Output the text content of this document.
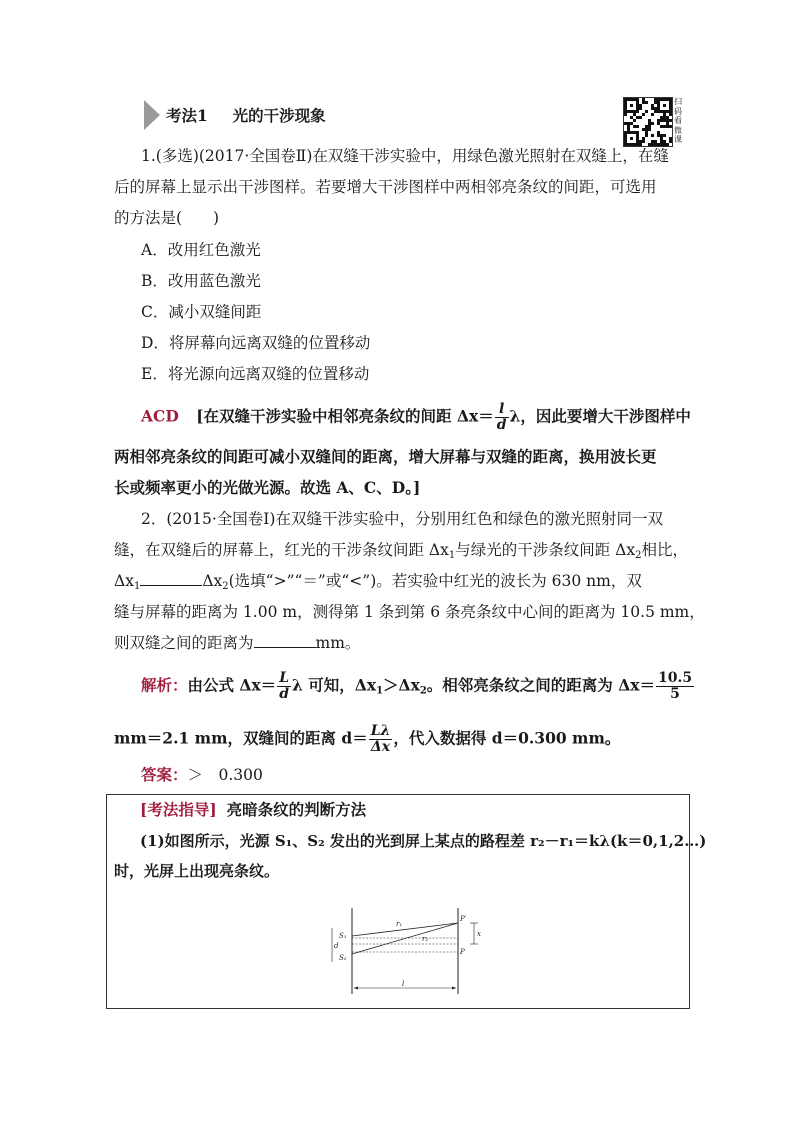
考法1 光的干涉现象
扫
码
看
微
课
1.(多选)(2017·全国卷Ⅱ)在双缝干涉实验中，用绿色激光照射在双缝上，在缝
后的屏幕上显示出干涉图样。若要增大干涉图样中两相邻亮条纹的间距，可选用
的方法是(　　)
A．改用红色激光
B．改用蓝色激光
C．减小双缝间距
D．将屏幕向远离双缝的位置移动
E．将光源向远离双缝的位置移动
ACD [在双缝干涉实验中相邻亮条纹的间距 $\Delta x= \frac{l}{d}$ λ，因此要增大干涉图样中
两相邻亮条纹的间距可减小双缝间的距离，增大屏幕与双缝的距离，换用波长更
长或频率更小的光做光源。故选 A、C、D。]
2．(2015·全国卷Ⅰ)在双缝干涉实验中，分别用红色和绿色的激光照射同一双
缝，在双缝后的屏幕上，红光的干涉条纹间距 $\Delta x_1$与绿光的干涉条纹间距 $\Delta x_2$相比，
$\Delta x_1$	$\Delta x_2$(选填“>”“＝”或“<”)。若实验中红光的波长为 630 nm，双
缝与屏幕的距离为 1.00 m，测得第 1 条到第 6 条亮条纹中心间的距离为 10.5 mm，
则双缝之间的距离为	mm。
解析：由公式 $\Delta x= \frac{L}{d}$ λ 可知，$\Delta x_1>\Delta x_2$。相邻亮条纹之间的距离为 $\Delta x= \frac{10.5}{5}$
mm＝2.1 mm，双缝间的距离 $d= \frac{L\lambda}{\Delta x}$ ，代入数据得 d＝0.300 mm。
答案：＞　0.300
[考法指导] 亮暗条纹的判断方法
(1)如图所示，光源 S₁、S₂ 发出的光到屏上某点的路程差 r₂－r₁＝kλ(k＝0,1,2…)
时，光屏上出现亮条纹。
S₁
S₂
d
r₁
r₂
P′
P
x
l
